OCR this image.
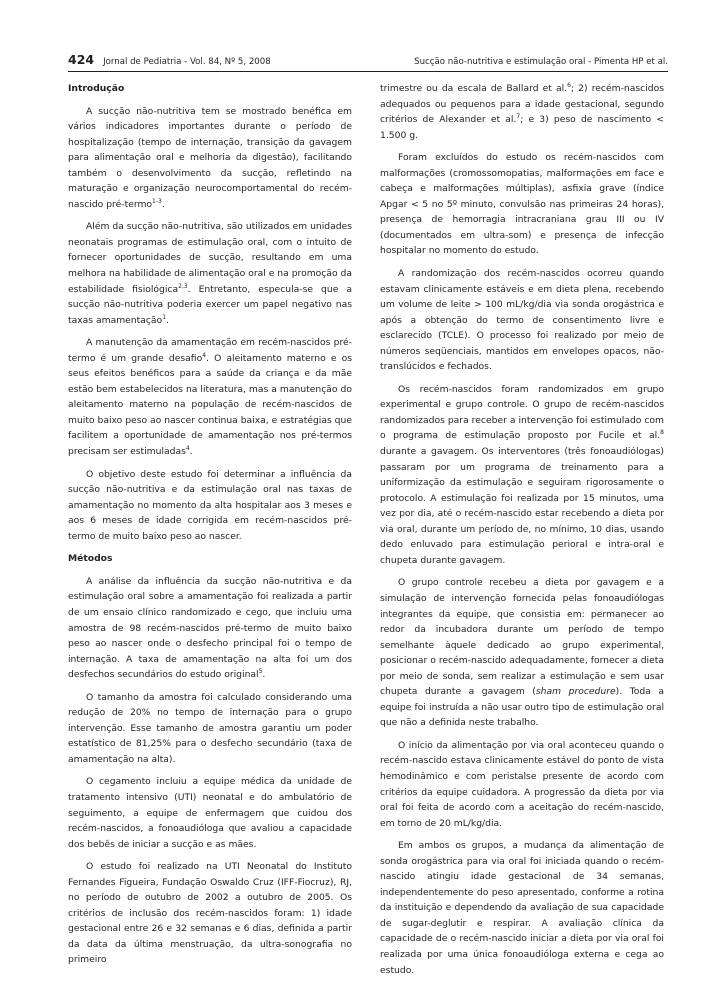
424 Jornal de Pediatria - Vol. 84, Nº 5, 2008	Sucção não-nutritiva e estimulação oral - Pimenta HP et al.
Introdução

A sucção não-nutritiva tem se mostrado benéfica em vários indicadores importantes durante o período de hospitalização (tempo de internação, transição da gavagem para alimentação oral e melhoria da digestão), facilitando também o desenvolvimento da sucção, refletindo na maturação e organização neurocomportamental do recém-nascido pré-termo$^{1-3}$.

Além da sucção não-nutritiva, são utilizados em unidades neonatais programas de estimulação oral, com o intuito de fornecer oportunidades de sucção, resultando em uma melhora na habilidade de alimentação oral e na promoção da estabilidade fisiológica$^{2,3}$. Entretanto, especula-se que a sucção não-nutritiva poderia exercer um papel negativo nas taxas amamentação$^1$.

A manutenção da amamentação em recém-nascidos pré-termo é um grande desafio$^4$. O aleitamento materno e os seus efeitos benéficos para a saúde da criança e da mãe estão bem estabelecidos na literatura, mas a manutenção do aleitamento materno na população de recém-nascidos de muito baixo peso ao nascer continua baixa, e estratégias que facilitem a oportunidade de amamentação nos pré-termos precisam ser estimuladas$^4$.

O objetivo deste estudo foi determinar a influência da sucção não-nutritiva e da estimulação oral nas taxas de amamentação no momento da alta hospitalar aos 3 meses e aos 6 meses de idade corrigida em recém-nascidos pré-termo de muito baixo peso ao nascer.

Métodos

A análise da influência da sucção não-nutritiva e da estimulação oral sobre a amamentação foi realizada a partir de um ensaio clínico randomizado e cego, que incluiu uma amostra de 98 recém-nascidos pré-termo de muito baixo peso ao nascer onde o desfecho principal foi o tempo de internação. A taxa de amamentação na alta foi um dos desfechos secundários do estudo original$^5$.

O tamanho da amostra foi calculado considerando uma redução de 20% no tempo de internação para o grupo intervenção. Esse tamanho de amostra garantiu um poder estatístico de 81,25% para o desfecho secundário (taxa de amamentação na alta).

O cegamento incluiu a equipe médica da unidade de tratamento intensivo (UTI) neonatal e do ambulatório de seguimento, a equipe de enfermagem que cuidou dos recém-nascidos, a fonoaudióloga que avaliou a capacidade dos bebês de iniciar a sucção e as mães.

O estudo foi realizado na UTI Neonatal do Instituto Fernandes Figueira, Fundação Oswaldo Cruz (IFF-Fiocruz), RJ, no período de outubro de 2002 a outubro de 2005. Os critérios de inclusão dos recém-nascidos foram: 1) idade gestacional entre 26 e 32 semanas e 6 dias, definida a partir da data da última menstruação, da ultra-sonografia no primeiro

trimestre ou da escala de Ballard et al.$^6$; 2) recém-nascidos adequados ou pequenos para a idade gestacional, segundo critérios de Alexander et al.$^7$; e 3) peso de nascimento < 1.500 g.

Foram excluídos do estudo os recém-nascidos com malformações (cromossomopatias, malformações em face e cabeça e malformações múltiplas), asfixia grave (índice Apgar < 5 no 5º minuto, convulsão nas primeiras 24 horas), presença de hemorragia intracraniana grau III ou IV (documentados em ultra-som) e presença de infecção hospitalar no momento do estudo.

A randomização dos recém-nascidos ocorreu quando estavam clinicamente estáveis e em dieta plena, recebendo um volume de leite > 100 mL/kg/dia via sonda orogástrica e após a obtenção do termo de consentimento livre e esclarecido (TCLE). O processo foi realizado por meio de números seqüenciais, mantidos em envelopes opacos, não-translúcidos e fechados.

Os recém-nascidos foram randomizados em grupo experimental e grupo controle. O grupo de recém-nascidos randomizados para receber a intervenção foi estimulado com o programa de estimulação proposto por Fucile et al.$^8$ durante a gavagem. Os interventores (três fonoaudiólogas) passaram por um programa de treinamento para a uniformização da estimulação e seguiram rigorosamente o protocolo. A estimulação foi realizada por 15 minutos, uma vez por dia, até o recém-nascido estar recebendo a dieta por via oral, durante um período de, no mínimo, 10 dias, usando dedo enluvado para estimulação perioral e intra-oral e chupeta durante gavagem.

O grupo controle recebeu a dieta por gavagem e a simulação de intervenção fornecida pelas fonoaudiólogas integrantes da equipe, que consistia em: permanecer ao redor da incubadora durante um período de tempo semelhante àquele dedicado ao grupo experimental, posicionar o recém-nascido adequadamente, fornecer a dieta por meio de sonda, sem realizar a estimulação e sem usar chupeta durante a gavagem (sham procedure). Toda a equipe foi instruída a não usar outro tipo de estimulação oral que não a definida neste trabalho.

O início da alimentação por via oral aconteceu quando o recém-nascido estava clinicamente estável do ponto de vista hemodinâmico e com peristalse presente de acordo com critérios da equipe cuidadora. A progressão da dieta por via oral foi feita de acordo com a aceitação do recém-nascido, em torno de 20 mL/kg/dia.

Em ambos os grupos, a mudança da alimentação de sonda orogástrica para via oral foi iniciada quando o recém-nascido atingiu idade gestacional de 34 semanas, independentemente do peso apresentado, conforme a rotina da instituição e dependendo da avaliação de sua capacidade de sugar-deglutir e respirar. A avaliação clínica da capacidade de o recém-nascido iniciar a dieta por via oral foi realizada por uma única fonoaudióloga externa e cega ao estudo.
